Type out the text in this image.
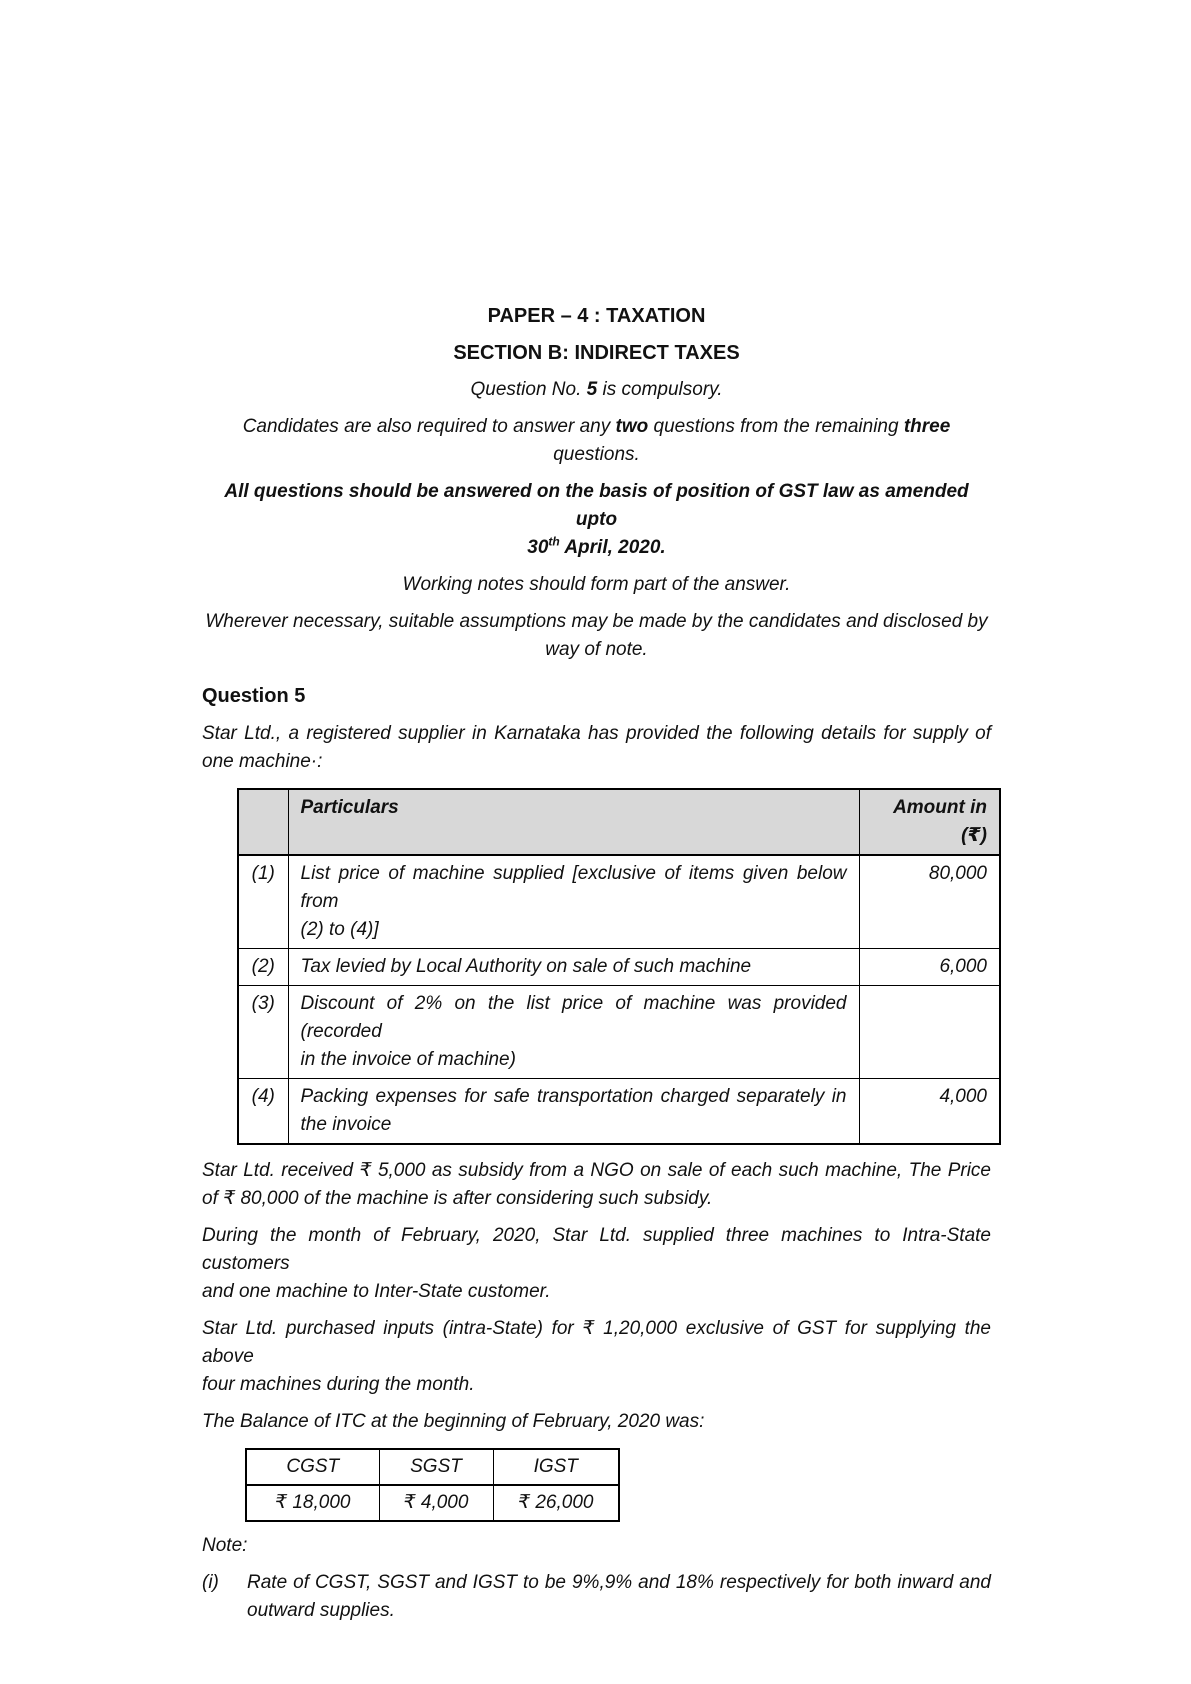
PAPER – 4 : TAXATION
SECTION B: INDIRECT TAXES

Question No. 5 is compulsory.

Candidates are also required to answer any two questions from the remaining three
questions.

All questions should be answered on the basis of position of GST law as amended upto
30th April, 2020.

Working notes should form part of the answer.

Wherever necessary, suitable assumptions may be made by the candidates and disclosed by
way of note.

Question 5

Star Ltd., a registered supplier in Karnataka has provided the following details for supply of
one machine·:

	Particulars	Amount in
(₹)
(1)	List price of machine supplied [exclusive of items given below from
(2) to (4)]	80,000
(2)	Tax levied by Local Authority on sale of such machine	6,000
(3)	Discount of 2% on the list price of machine was provided (recorded
in the invoice of machine)	

(4)	Packing expenses for safe transportation charged separately in
the invoice	4,000

Star Ltd. received ₹ 5,000 as subsidy from a NGO on sale of each such machine, The Price
of ₹ 80,000 of the machine is after considering such subsidy.

During the month of February, 2020, Star Ltd. supplied three machines to Intra-State customers
and one machine to Inter-State customer.

Star Ltd. purchased inputs (intra-State) for ₹ 1,20,000 exclusive of GST for supplying the above
four machines during the month.

The Balance of ITC at the beginning of February, 2020 was:

CGST	SGST	IGST
₹ 18,000	₹ 4,000	₹ 26,000

Note:

(i)	Rate of CGST, SGST and IGST to be 9%,9% and 18% respectively for both inward and
outward supplies.
